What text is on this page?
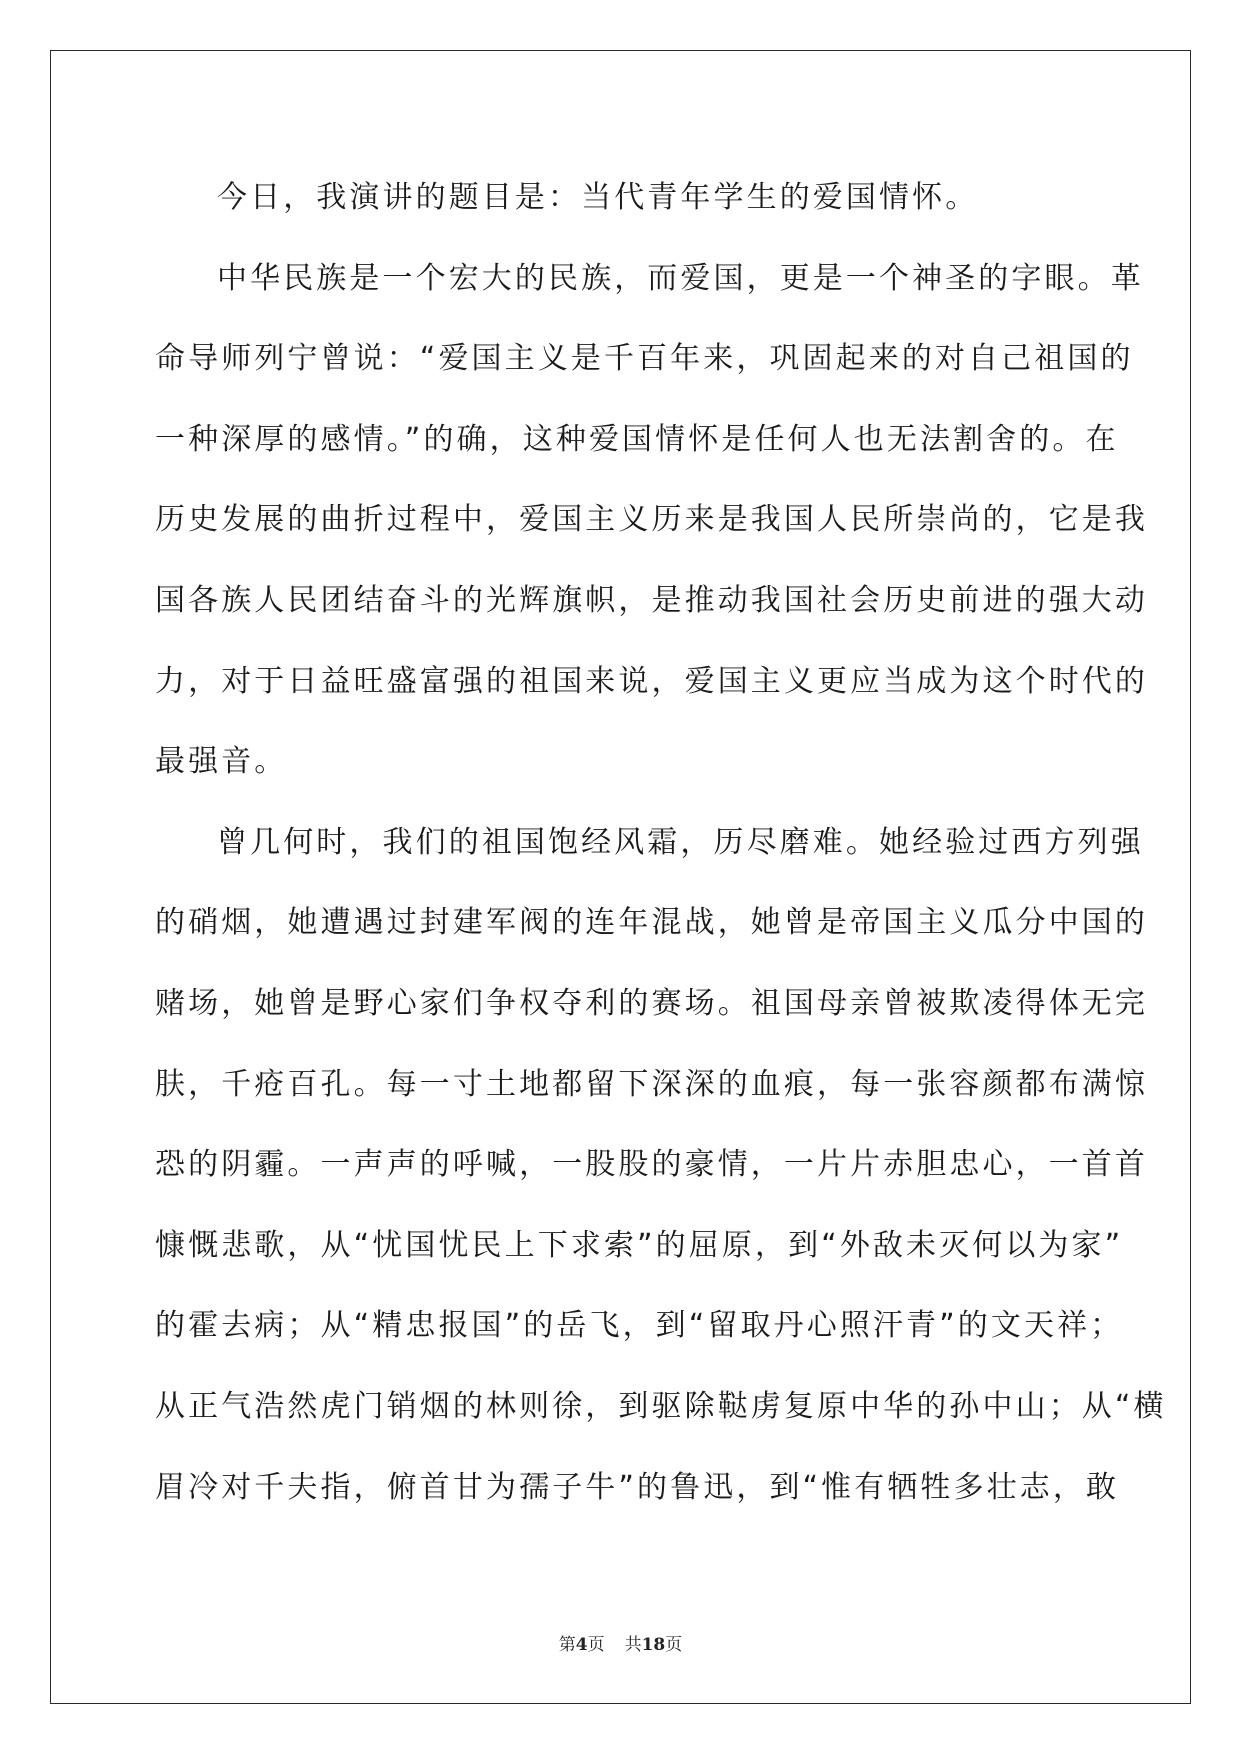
今日，我演讲的题目是：当代青年学生的爱国情怀。
中华民族是一个宏大的民族，而爱国，更是一个神圣的字眼。革
命导师列宁曾说：“爱国主义是千百年来，巩固起来的对自己祖国的
一种深厚的感情。”的确，这种爱国情怀是任何人也无法割舍的。在
历史发展的曲折过程中，爱国主义历来是我国人民所崇尚的，它是我
国各族人民团结奋斗的光辉旗帜，是推动我国社会历史前进的强大动
力，对于日益旺盛富强的祖国来说，爱国主义更应当成为这个时代的
最强音。
曾几何时，我们的祖国饱经风霜，历尽磨难。她经验过西方列强
的硝烟，她遭遇过封建军阀的连年混战，她曾是帝国主义瓜分中国的
赌场，她曾是野心家们争权夺利的赛场。祖国母亲曾被欺凌得体无完
肤，千疮百孔。每一寸土地都留下深深的血痕，每一张容颜都布满惊
恐的阴霾。一声声的呼喊，一股股的豪情，一片片赤胆忠心，一首首
慷慨悲歌，从“忧国忧民上下求索”的屈原，到“外敌未灭何以为家”
的霍去病；从“精忠报国”的岳飞，到“留取丹心照汗青”的文天祥；
从正气浩然虎门销烟的林则徐，到驱除鞑虏复原中华的孙中山；从“横
眉冷对千夫指，俯首甘为孺子牛”的鲁迅，到“惟有牺牲多壮志，敢
第4页 共18页
